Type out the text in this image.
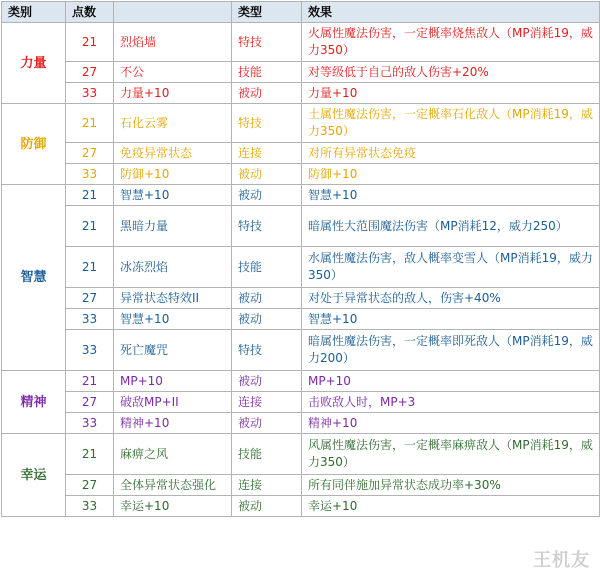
类别	点数		类型	效果
力量	21	烈焰墙	特技	火属性魔法伤害，一定概率烧焦敌人（MP消耗19，威力350）
	27	不公	技能	对等级低于自己的敌人伤害+20%
	33	力量+10	被动	力量+10
防御	21	石化云雾	特技	土属性魔法伤害，一定概率石化敌人（MP消耗19，威力350）
	27	免疫异常状态	连接	对所有异常状态免疫
	33	防御+10	被动	防御+10
智慧	21	智慧+10	被动	智慧+10
	21	黑暗力量	特技	暗属性大范围魔法伤害（MP消耗12，威力250）
	21	冰冻烈焰	技能	水属性魔法伤害，敌人概率变雪人（MP消耗19，威力350）
	27	异常状态特效II	被动	对处于异常状态的敌人，伤害+40%
	33	智慧+10	被动	智慧+10
	33	死亡魔咒	特技	暗属性魔法伤害，一定概率即死敌人（MP消耗19，威力200）
精神	21	MP+10	被动	MP+10
	27	破敌MP+II	连接	击败敌人时，MP+3
	33	精神+10	被动	精神+10
幸运	21	麻痹之风	技能	风属性魔法伤害，一定概率麻痹敌人（MP消耗19，威力350）
	27	全体异常状态强化	连接	所有同伴施加异常状态成功率+30%
	33	幸运+10	被动	幸运+10
王机友
